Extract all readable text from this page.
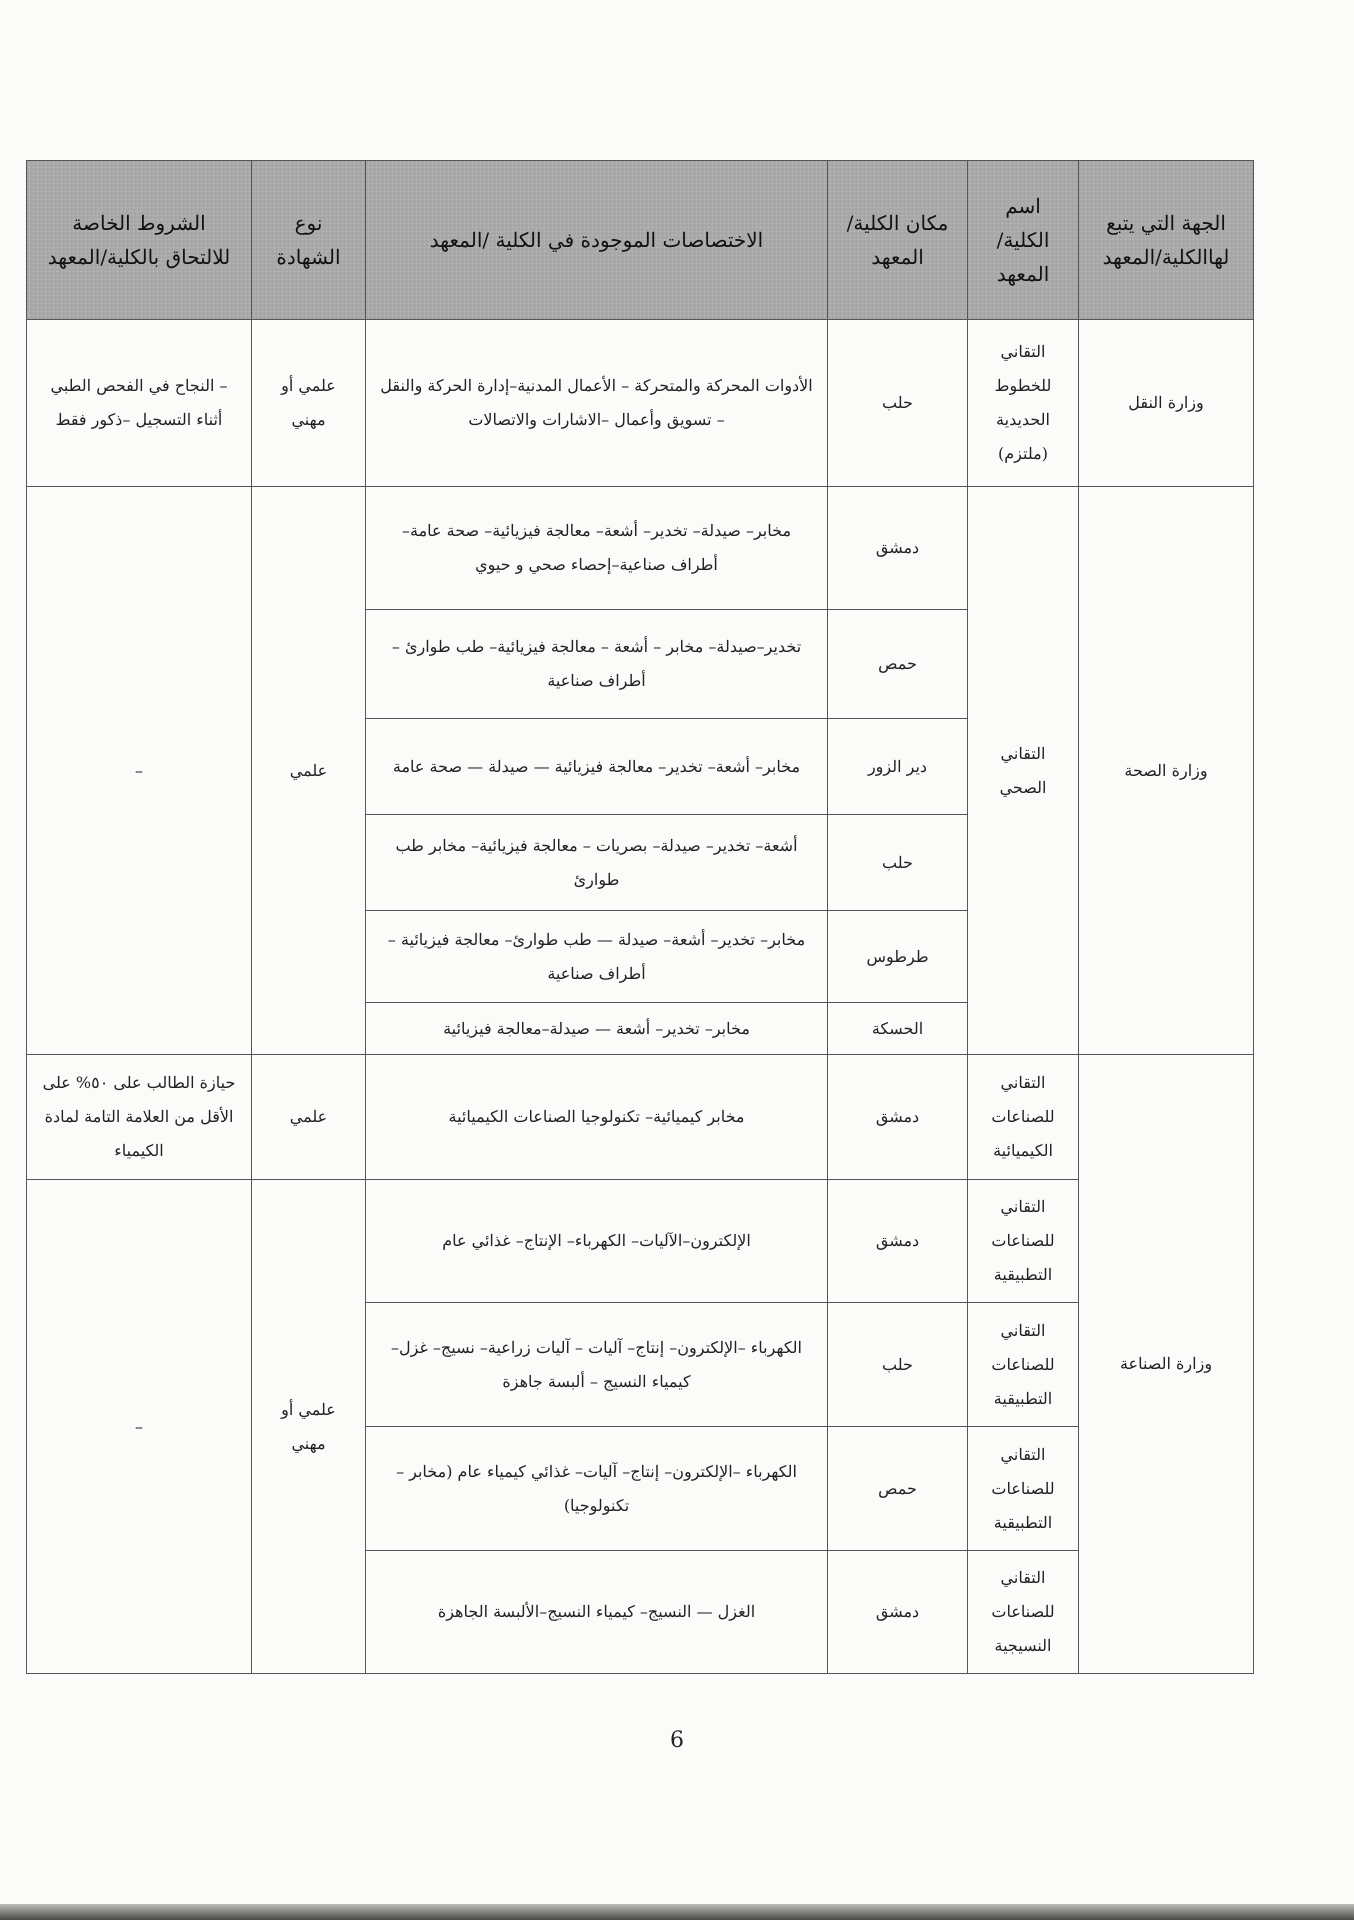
الجهة التي يتبع لهاالكلية/المعهد	اسم الكلية/المعهد	مكان الكلية/المعهد	الاختصاصات الموجودة في الكلية /المعهد	نوع الشهادة	الشروط الخاصة للالتحاق بالكلية/المعهد
وزارة النقل	التقاني للخطوط الحديدية (ملتزم)	حلب	الأدوات المحركة والمتحركة – الأعمال المدنية–إدارة الحركة والنقل – تسويق وأعمال –الاشارات والاتصالات	علمي أو مهني	– النجاح في الفحص الطبي أثناء التسجيل –ذكور فقط
وزارة الصحة	التقاني الصحي	دمشق	مخابر– صيدلة– تخدير– أشعة– معالجة فيزيائية– صحة عامة– أطراف صناعية–إحصاء صحي و حيوي	علمي	–
		حمص	تخدير–صيدلة– مخابر – أشعة – معالجة فيزيائية– طب طوارئ – أطراف صناعية		
		دير الزور	مخابر– أشعة– تخدير– معالجة فيزيائية — صيدلة — صحة عامة		
		حلب	أشعة– تخدير– صيدلة– بصريات – معالجة فيزيائية– مخابر طب طوارئ		
		طرطوس	مخابر– تخدير– أشعة– صيدلة — طب طوارئ– معالجة فيزيائية – أطراف صناعية		
		الحسكة	مخابر– تخدير– أشعة — صيدلة–معالجة فيزيائية		
وزارة الصناعة	التقاني للصناعات الكيميائية	دمشق	مخابر كيميائية– تكنولوجيا الصناعات الكيميائية	علمي	حيازة الطالب على ٥٠% على الأقل من العلامة التامة لمادة الكيمياء
	التقاني للصناعات التطبيقية	دمشق	الإلكترون–الآليات– الكهرباء– الإنتاج– غذائي عام	علمي أو مهني	–
	التقاني للصناعات التطبيقية	حلب	الكهرباء –الإلكترون– إنتاج– آليات – آليات زراعية– نسيج– غزل–كيمياء النسيج – ألبسة جاهزة		
	التقاني للصناعات التطبيقية	حمص	الكهرباء –الإلكترون– إنتاج– آليات– غذائي كيمياء عام (مخابر – تكنولوجيا)		
	التقاني للصناعات النسيجية	دمشق	الغزل — النسيج– كيمياء النسيج–الألبسة الجاهزة		
6
